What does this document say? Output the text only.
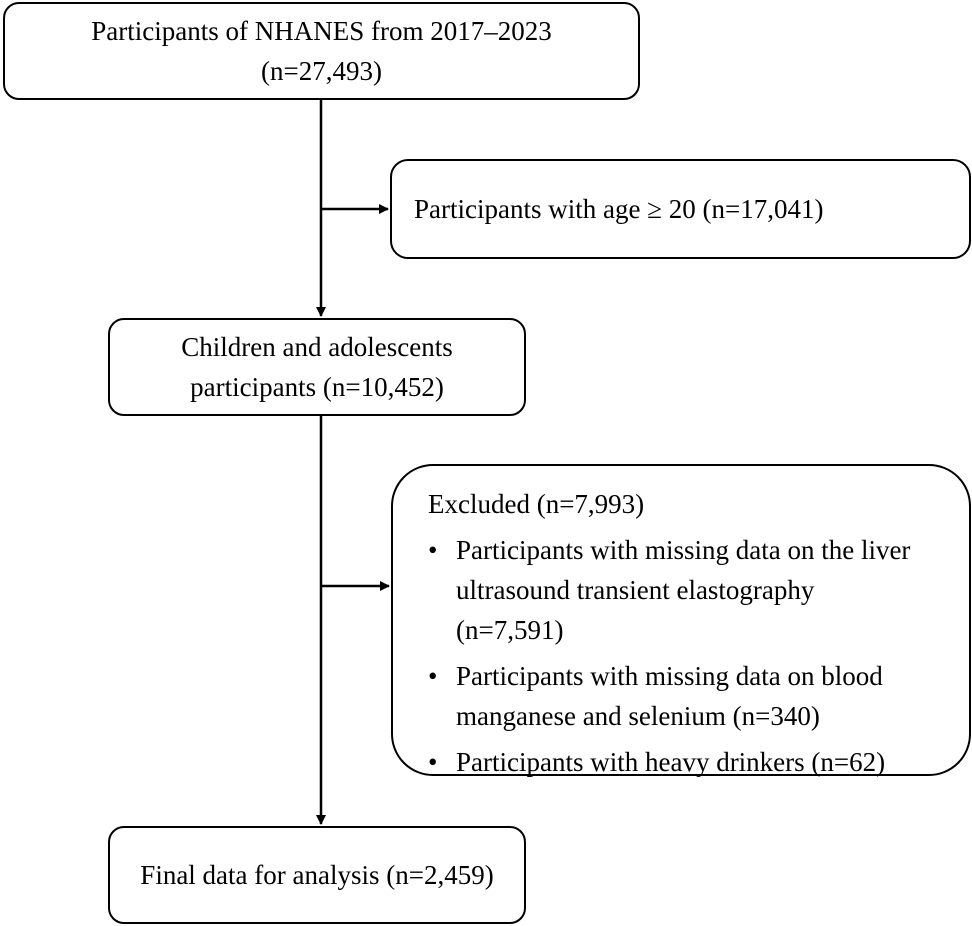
Participants of NHANES from 2017–2023
(n=27,493)
Participants with age ≥ 20 (n=17,041)
Children and adolescents
participants (n=10,452)
Excluded (n=7,993)
• Participants with missing data on the liver
ultrasound transient elastography
(n=7,591)
• Participants with missing data on blood
manganese and selenium (n=340)
• Participants with heavy drinkers (n=62)
Final data for analysis (n=2,459)
